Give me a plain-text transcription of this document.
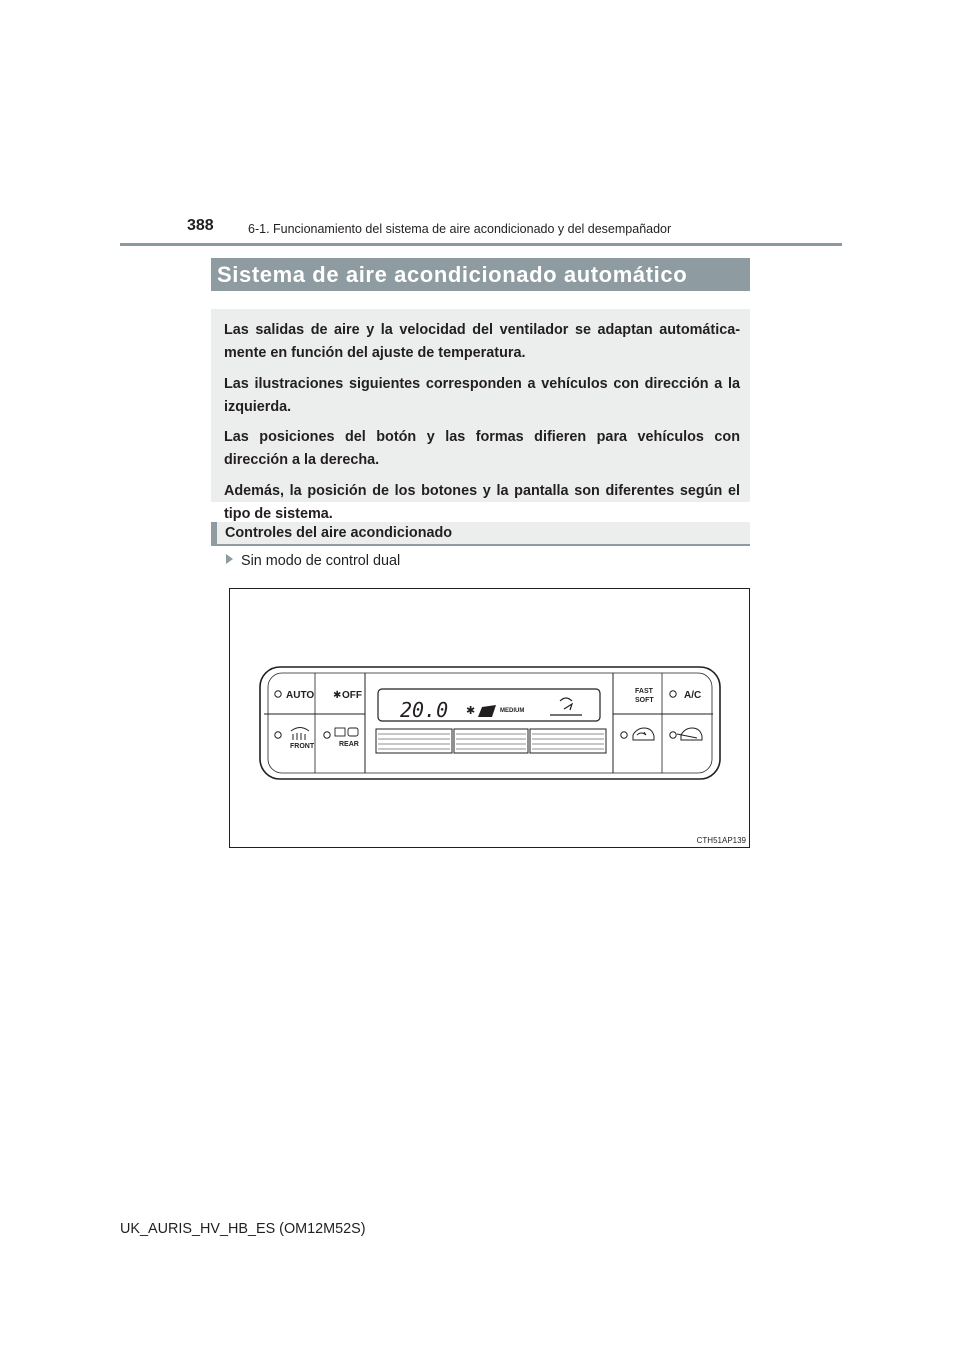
388	6-1. Funcionamiento del sistema de aire acondicionado y del desempañador
Sistema de aire acondicionado automático

Las salidas de aire y la velocidad del ventilador se adaptan automática-mente en función del ajuste de temperatura.

Las ilustraciones siguientes corresponden a vehículos con dirección a la izquierda.

Las posiciones del botón y las formas difieren para vehículos con dirección a la derecha.

Además, la posición de los botones y la pantalla son diferentes según el tipo de sistema.

Controles del aire acondicionado
Sin modo de control dual
AUTO ✱ OFF
FRONT	REAR
20.0 ✱	MEDIUM
FAST
SOFT	A/C
CTH51AP139
UK_AURIS_HV_HB_ES (OM12M52S)
